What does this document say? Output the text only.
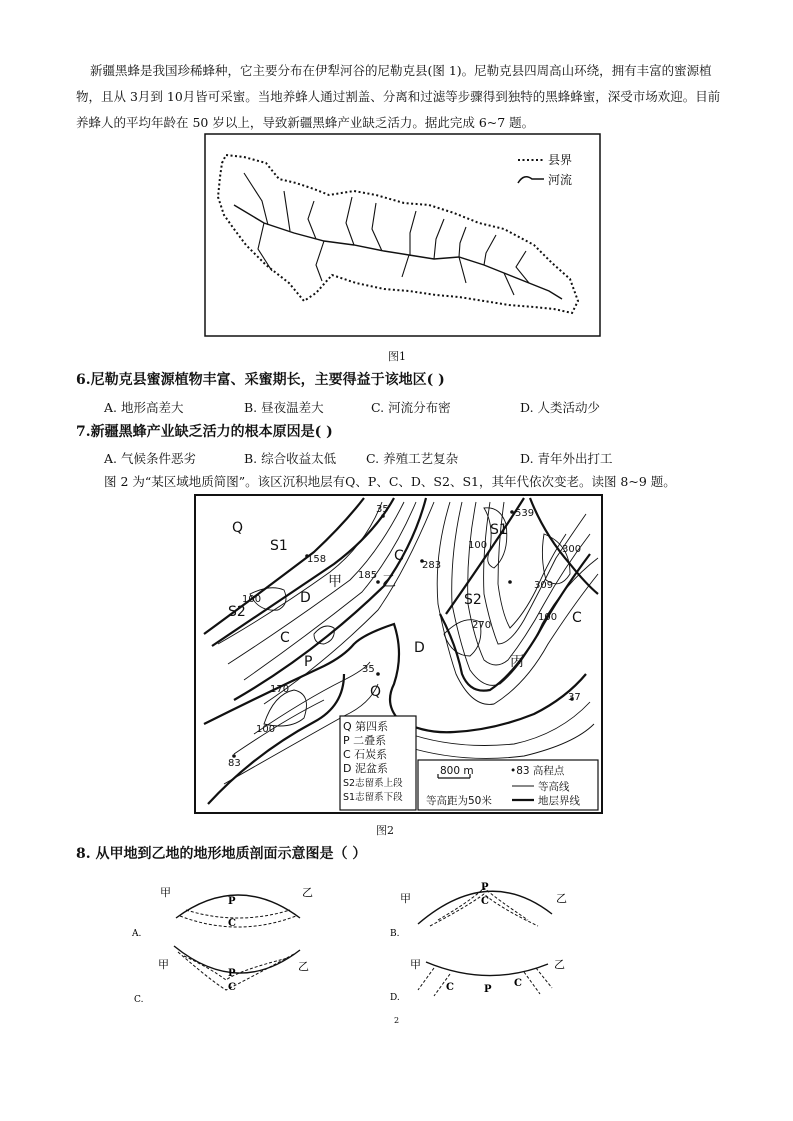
新疆黑蜂是我国珍稀蜂种，它主要分布在伊犁河谷的尼勒克县(图 1)。尼勒克县四周高山环绕，拥有丰富的蜜源植物，且从 3月到 10月皆可采蜜。当地养蜂人通过割盖、分离和过滤等步骤得到独特的黑蜂蜂蜜，深受市场欢迎。目前养蜂人的平均年龄在 50 岁以上，导致新疆黑蜂产业缺乏活力。据此完成 6~7 题。
县界
河流
图1
6.尼勒克县蜜源植物丰富、采蜜期长，主要得益于该地区( )
A. 地形高差大	B. 昼夜温差大	C. 河流分布密	D. 人类活动少
7.新疆黑蜂产业缺乏活力的根本原因是( )
A. 气候条件恶劣	B. 综合收益太低 C. 养殖工艺复杂	D. 青年外出打工
图 2 为“某区域地质简图”。该区沉积地层有Q、P、C、D、S2、S1，其年代依次变老。读图 8~9 题。
Q
S1
158	C
甲 185
D
100
S2
C
P
乙
283
35
35
Q
170
100
83
S1
100
S2
270
D
丙
309
100 C
37
539
300
Q 第四系
P 二叠系
C 石炭系
D 泥盆系
S2志留系上段
S1志留系下段
800 m	•83 高程点
等高线
等高距为50米	地层界线
图2
8. 从甲地到乙地的地形地质剖面示意图是（ ）
A.
甲	乙
P
C
B.
甲	乙
P
C
C.
甲	乙
P
C
D.
甲	乙
C	P
C
2
